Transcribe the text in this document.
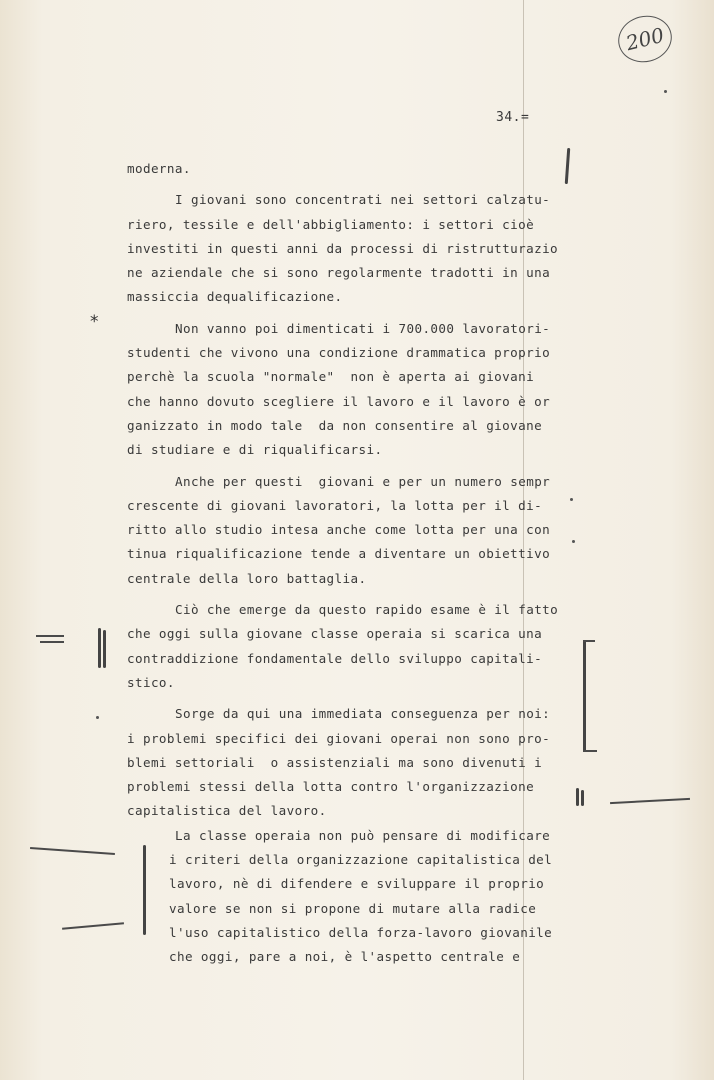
200
34.=
*
moderna.
I giovani sono concentrati nei settori calzatu-
riero, tessile e dell'abbigliamento: i settori cioè
investiti in questi anni da processi di ristrutturazio
ne aziendale che si sono regolarmente tradotti in una
massiccia dequalificazione.
Non vanno poi dimenticati i 700.000 lavoratori-
studenti che vivono una condizione drammatica proprio
perchè la scuola "normale"  non è aperta ai giovani
che hanno dovuto scegliere il lavoro e il lavoro è or
ganizzato in modo tale  da non consentire al giovane
di studiare e di riqualificarsi.
Anche per questi  giovani e per un numero sempr
crescente di giovani lavoratori, la lotta per il di-
ritto allo studio intesa anche come lotta per una con
tinua riqualificazione tende a diventare un obiettivo
centrale della loro battaglia.
Ciò che emerge da questo rapido esame è il fatto
che oggi sulla giovane classe operaia si scarica una
contraddizione fondamentale dello sviluppo capitali-
stico.
Sorge da qui una immediata conseguenza per noi:
i problemi specifici dei giovani operai non sono pro-
blemi settoriali  o assistenziali ma sono divenuti i
problemi stessi della lotta contro l'organizzazione
capitalistica del lavoro.
La classe operaia non può pensare di modificare
i criteri della organizzazione capitalistica del
lavoro, nè di difendere e sviluppare il proprio
valore se non si propone di mutare alla radice
l'uso capitalistico della forza-lavoro giovanile
che oggi, pare a noi, è l'aspetto centrale e
